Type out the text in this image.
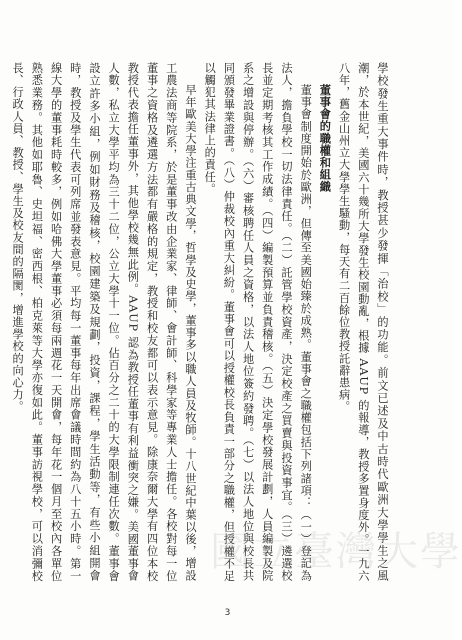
學校發生重大事件時，教授甚少發揮「治校」的功能。前文已述及中古時代歐洲大學學生之風潮，於本世紀，美國六十幾所大學發生校園動亂，根據 AAUP 的報導，教授多置身度外。一九六八年，舊金山州立大學學生騷動，每天有二百餘位教授託辭患病。

董事會的職權和組織

董事會制度開始於歐洲，但傳至美國始臻於成熟。董事會之職權包括下列諸項：（一）登記為法人，擔負學校一切法律責任。（二）託管學校資產，決定校產之買賣與投資事宜。（三）遴選校長並定期考核其工作成績。（四）編製預算並負責稽核。（五）決定學校發展計劃，人員編製及院系之增設與停辦。（六）審核聘任人員之資格，以法人地位簽約發聘。（七）以法人地位與校長共同頒發畢業證書。（八）仲裁校內重大糾紛。董事會可以授權校長負責一部分之職權，但授權不足以觸犯其法律上的責任。

早年歐美大學注重古典文學，哲學及史學，董事多以職人員及牧師。十八世紀中葉以後，增設工農法商等院系，於是董事改由企業家、律師、會計師、科學家等專業人士擔任。各校對每一位董事之資格及遴選方法都有嚴格的規定，教授和校友都可以表示意見。除康奈爾大學有四位本校教授代表擔任董事外，其他學校幾無此例。AAUP 認為教授任董事有利益衝突之嫌。美國董事會人數，私立大學平均為三十二位，公立大學十一位。佔百分之二十的大學限制連任次數。董事會設立許多小組，例如財務及稽核，校園建築及規劃，投資，課程，學生活動等，有些小組開會時，教授及學生代表可列席並發表意見。平均每一董事每年出席會議時間約為八十五小時。第一線大學的董事耗時較多，例如哈佛大學董事必須每兩週花一天開會，每年花一個月至校內各單位熟悉業務。其他如耶魯、史坦福、密西根、柏克萊等大學亦復如此。董事訪視學校，可以消彌校長、行政人員、教授、學生及校友間的隔閡，增進學校的向心力。

國立臺灣大學
3
